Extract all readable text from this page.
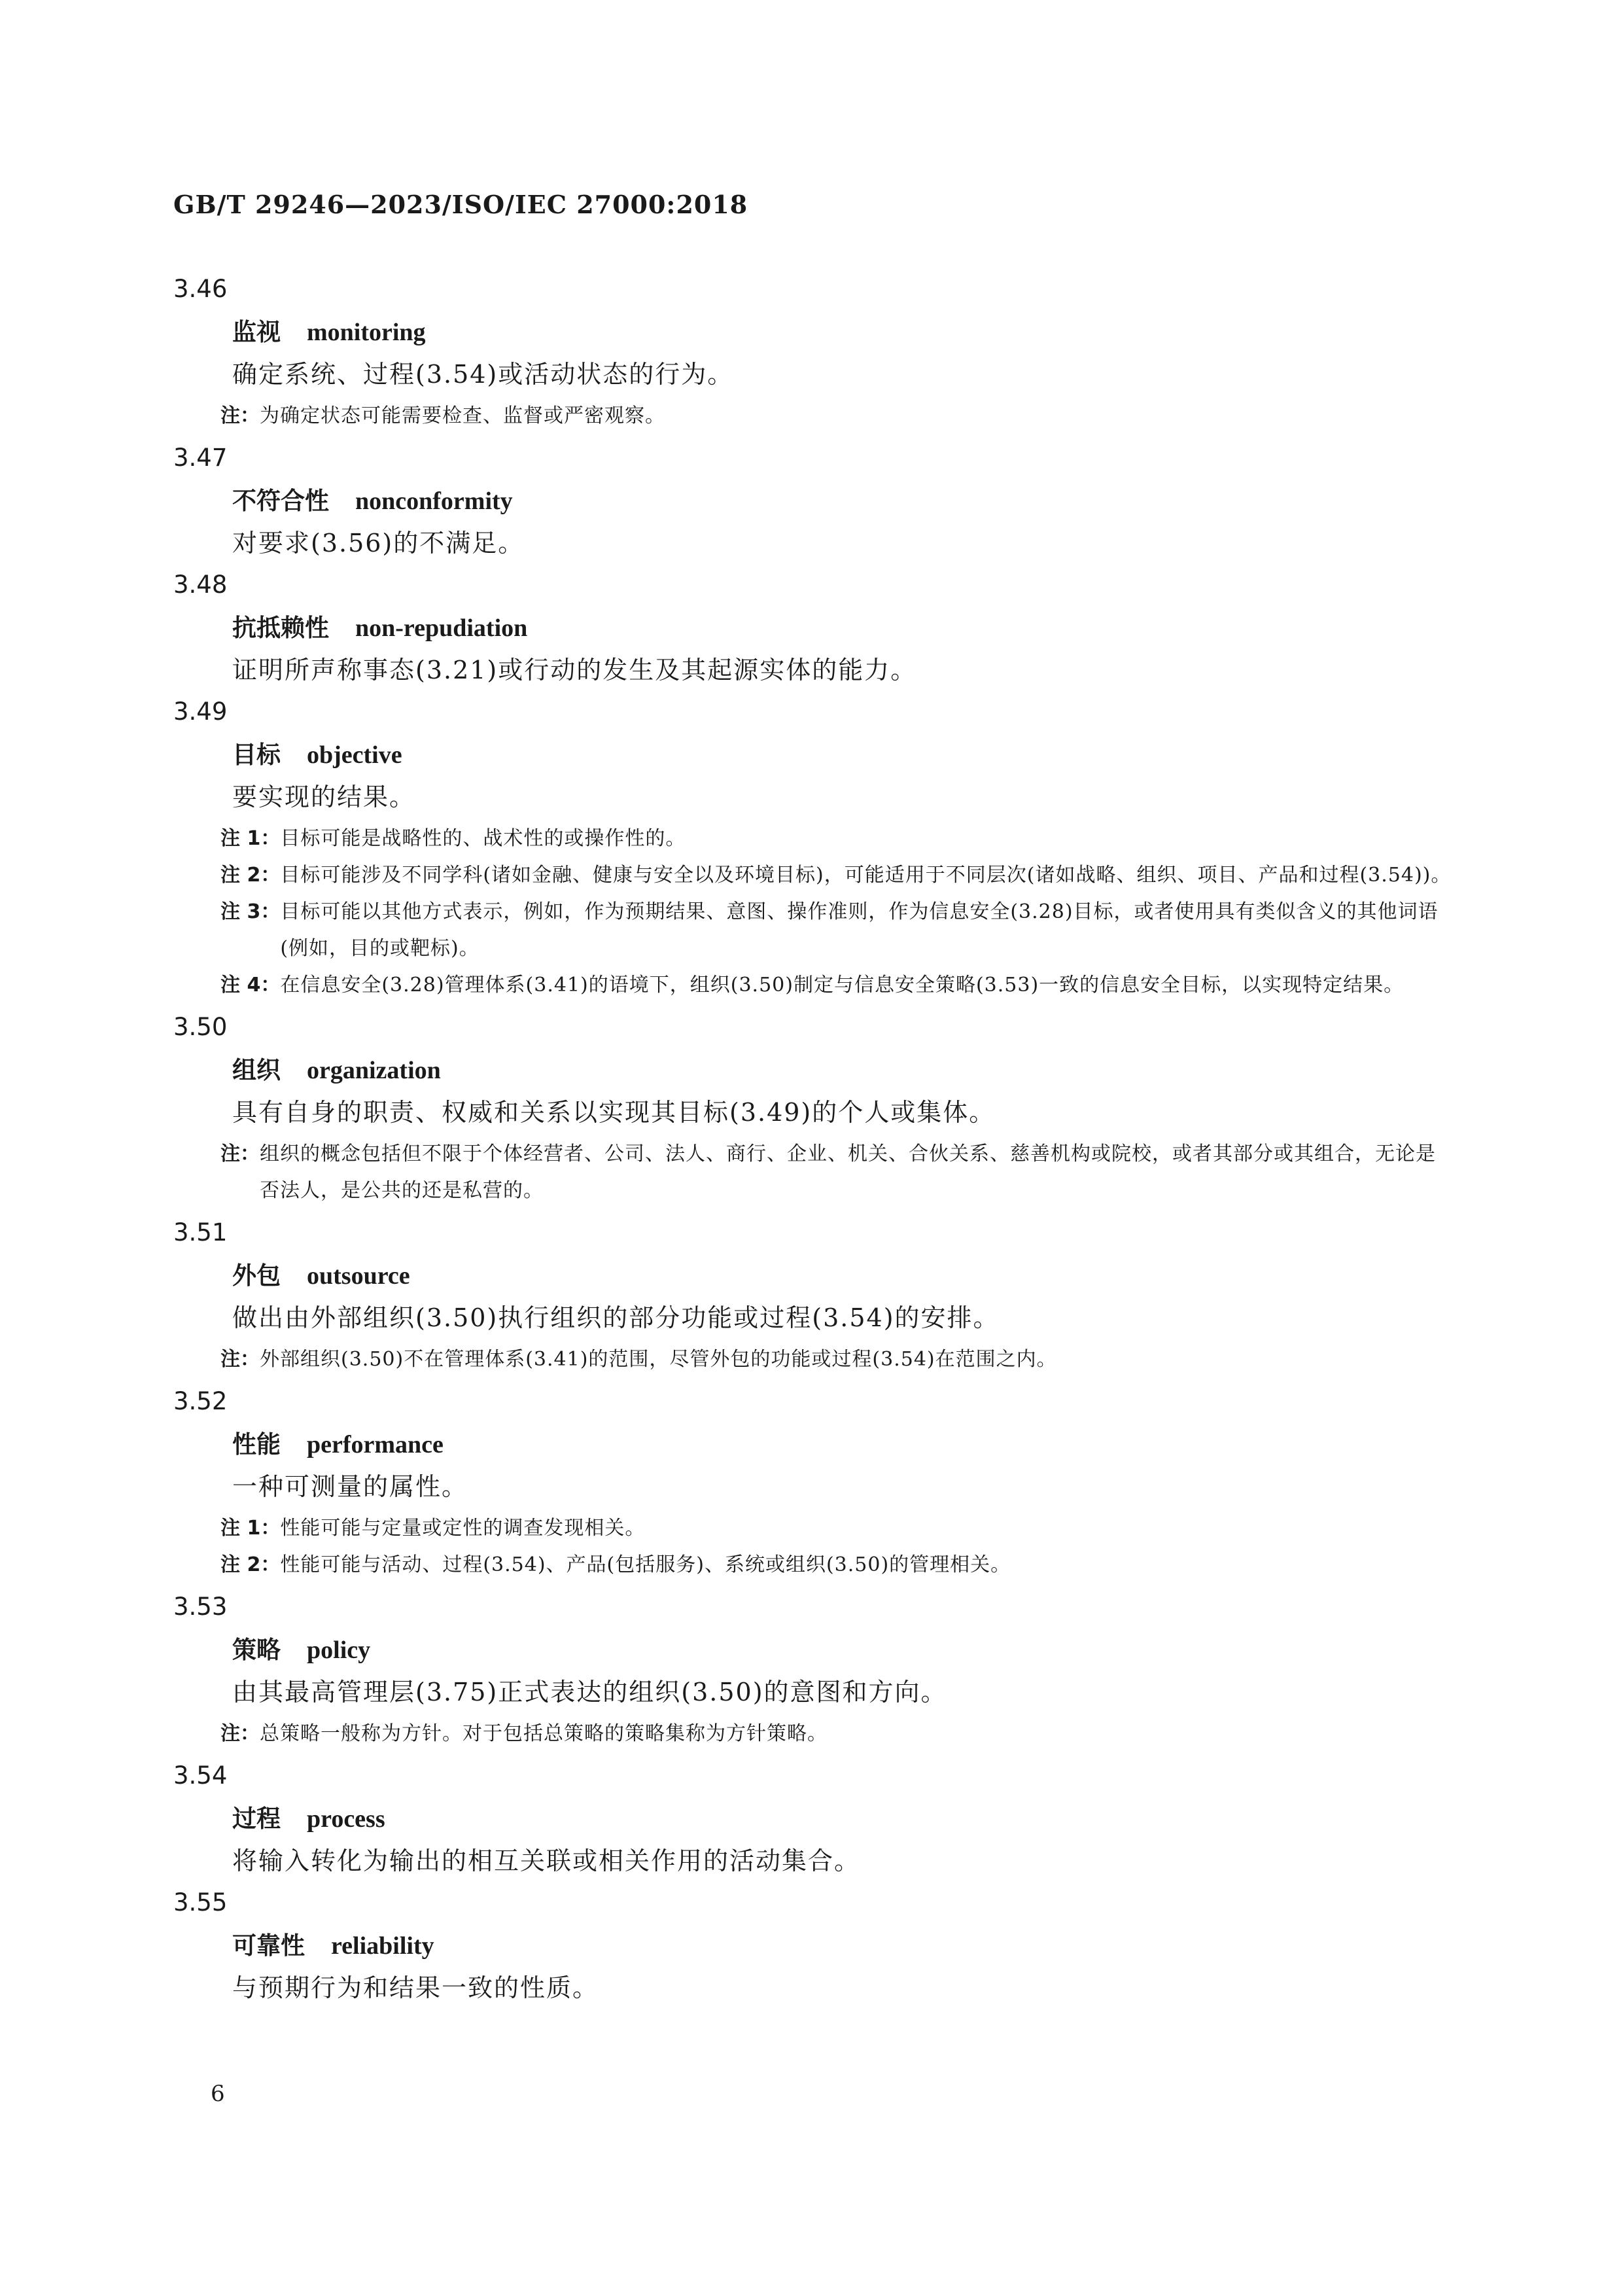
GB/T 29246—2023/ISO/IEC 27000:2018
3.46
监视 monitoring
确定系统、过程(3.54)或活动状态的行为。
注： 为确定状态可能需要检查、监督或严密观察。
3.47
不符合性 nonconformity
对要求(3.56)的不满足。
3.48
抗抵赖性 non-repudiation
证明所声称事态(3.21)或行动的发生及其起源实体的能力。
3.49
目标 objective
要实现的结果。
注 1： 目标可能是战略性的、战术性的或操作性的。
注 2： 目标可能涉及不同学科(诸如金融、健康与安全以及环境目标)，可能适用于不同层次(诸如战略、组织、项目、产品和过程(3.54))。
注 3： 目标可能以其他方式表示，例如，作为预期结果、意图、操作准则，作为信息安全(3.28)目标，或者使用具有类似含义的其他词语(例如，目的或靶标)。
注 4： 在信息安全(3.28)管理体系(3.41)的语境下，组织(3.50)制定与信息安全策略(3.53)一致的信息安全目标，以实现特定结果。
3.50
组织 organization
具有自身的职责、权威和关系以实现其目标(3.49)的个人或集体。
注： 组织的概念包括但不限于个体经营者、公司、法人、商行、企业、机关、合伙关系、慈善机构或院校，或者其部分或其组合，无论是否法人，是公共的还是私营的。
3.51
外包 outsource
做出由外部组织(3.50)执行组织的部分功能或过程(3.54)的安排。
注： 外部组织(3.50)不在管理体系(3.41)的范围，尽管外包的功能或过程(3.54)在范围之内。
3.52
性能 performance
一种可测量的属性。
注 1： 性能可能与定量或定性的调查发现相关。
注 2： 性能可能与活动、过程(3.54)、产品(包括服务)、系统或组织(3.50)的管理相关。
3.53
策略 policy
由其最高管理层(3.75)正式表达的组织(3.50)的意图和方向。
注： 总策略一般称为方针。对于包括总策略的策略集称为方针策略。
3.54
过程 process
将输入转化为输出的相互关联或相关作用的活动集合。
3.55
可靠性 reliability
与预期行为和结果一致的性质。
6
